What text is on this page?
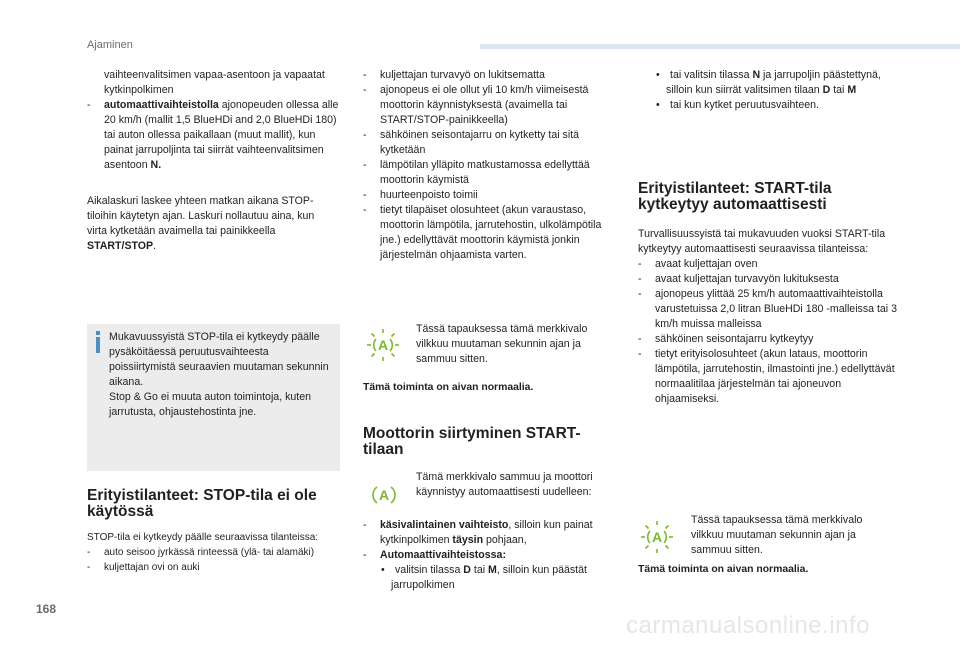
Ajaminen
168
carmanualsonline.info

vaihteenvalitsimen vapaa-asentoon ja vapaatat kytkinpolkimen

- automaattivaihteistolla ajonopeuden ollessa alle 20 km/h (mallit 1,5 BlueHDi and 2,0 BlueHDi 180) tai auton ollessa paikallaan (muut mallit), kun painat jarrupoljinta tai siirrät vaihteenvalitsimen asentoon N.

Aikalaskuri laskee yhteen matkan aikana STOP-tiloihin käytetyn ajan. Laskuri nollautuu aina, kun virta kytketään avaimella tai painikkeella START/STOP.

Mukavuussyistä STOP-tila ei kytkeydy päälle pysäköitäessä peruutusvaihteesta poissiirtymistä seuraavien muutaman sekunnin aikana.

Stop & Go ei muuta auton toimintoja, kuten jarrutusta, ohjaustehostinta jne.

Erityistilanteet: STOP-tila ei ole käytössä

STOP-tila ei kytkeydy päälle seuraavissa tilanteissa:

- auto seisoo jyrkässä rinteessä (ylä- tai alamäki)

- kuljettajan ovi on auki

- kuljettajan turvavyö on lukitsematta

- ajonopeus ei ole ollut yli 10 km/h viimeisestä moottorin käynnistyksestä (avaimella tai START/STOP-painikkeella)

- sähköinen seisontajarru on kytketty tai sitä kytketään

- lämpötilan ylläpito matkustamossa edellyttää moottorin käymistä

- huurteenpoisto toimii

- tietyt tilapäiset olosuhteet (akun varaustaso, moottorin lämpötila, jarrutehostin, ulkolämpötila jne.) edellyttävät moottorin käymistä jonkin järjestelmän ohjaamista varten.

A

Tässä tapauksessa tämä merkkivalo vilkkuu muutaman sekunnin ajan ja sammuu sitten.

Tämä toiminta on aivan normaalia.

Moottorin siirtyminen START-tilaan
A

Tämä merkkivalo sammuu ja moottori käynnistyy automaattisesti uudelleen:

- käsivalintainen vaihteisto, silloin kun painat kytkinpolkimen täysin pohjaan,

- Automaattivaihteistossa:

• valitsin tilassa D tai M, silloin kun päästät jarrupolkimen

• tai valitsin tilassa N ja jarrupoljin päästettynä, silloin kun siirrät valitsimen tilaan D tai M

• tai kun kytket peruutusvaihteen.

Erityistilanteet: START-tila kytkeytyy automaattisesti

Turvallisuussyistä tai mukavuuden vuoksi START-tila kytkeytyy automaattisesti seuraavissa tilanteissa:

- avaat kuljettajan oven

- avaat kuljettajan turvavyön lukituksesta

- ajonopeus ylittää 25 km/h automaattivaihteistolla varustetuissa 2,0 litran BlueHDi 180 -malleissa tai 3 km/h muissa malleissa

- sähköinen seisontajarru kytkeytyy

- tietyt erityisolosuhteet (akun lataus, moottorin lämpötila, jarrutehostin, ilmastointi jne.) edellyttävät normaalitilaa järjestelmän tai ajoneuvon ohjaamiseksi.

A

Tässä tapauksessa tämä merkkivalo vilkkuu muutaman sekunnin ajan ja sammuu sitten.

Tämä toiminta on aivan normaalia.
